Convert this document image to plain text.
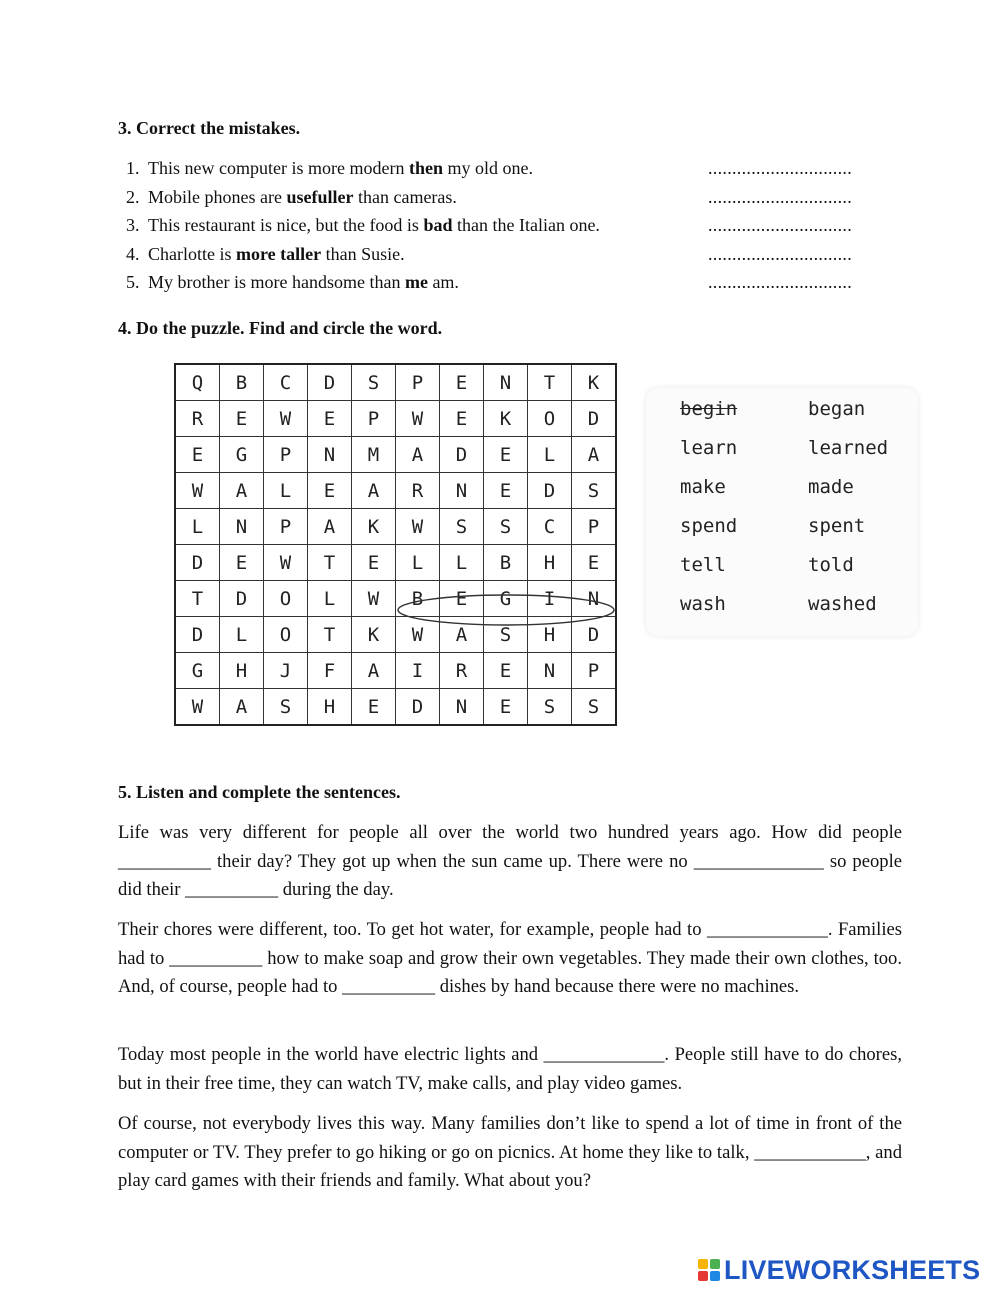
3. Correct the mistakes.
1. This new computer is more modern then my old one.	..............................
2. Mobile phones are usefuller than cameras.	..............................
3. This restaurant is nice, but the food is bad than the Italian one.	..............................
4. Charlotte is more taller than Susie.	..............................
5. My brother is more handsome than me am.	..............................
4. Do the puzzle. Find and circle the word.
Q	B	C	D	S	P	E	N	T	K
R	E	W	E	P	W	E	K	O	D
E	G	P	N	M	A	D	E	L	A
W	A	L	E	A	R	N	E	D	S
L	N	P	A	K	W	S	S	C	P
D	E	W	T	E	L	L	B	H	E
T	D	O	L	W	B	E	G	I	N
D	L	O	T	K	W	A	S	H	D
G	H	J	F	A	I	R	E	N	P
W	A	S	H	E	D	N	E	S	S
begin	began
learn	learned
make	made
spend	spent
tell	told
wash	washed
5. Listen and complete the sentences.

Life was very different for people all over the world two hundred years ago. How did people __________ their day? They got up when the sun came up. There were no ______________ so people did their __________ during the day.

Their chores were different, too. To get hot water, for example, people had to _____________. Families had to __________ how to make soap and grow their own vegetables. They made their own clothes, too. And, of course, people had to __________ dishes by hand because there were no machines.

Today most people in the world have electric lights and _____________. People still have to do chores, but in their free time, they can watch TV, make calls, and play video games.

Of course, not everybody lives this way. Many families don’t like to spend a lot of time in front of the computer or TV. They prefer to go hiking or go on picnics. At home they like to talk, ____________, and play card games with their friends and family. What about you?

LIVEWORKSHEETS
